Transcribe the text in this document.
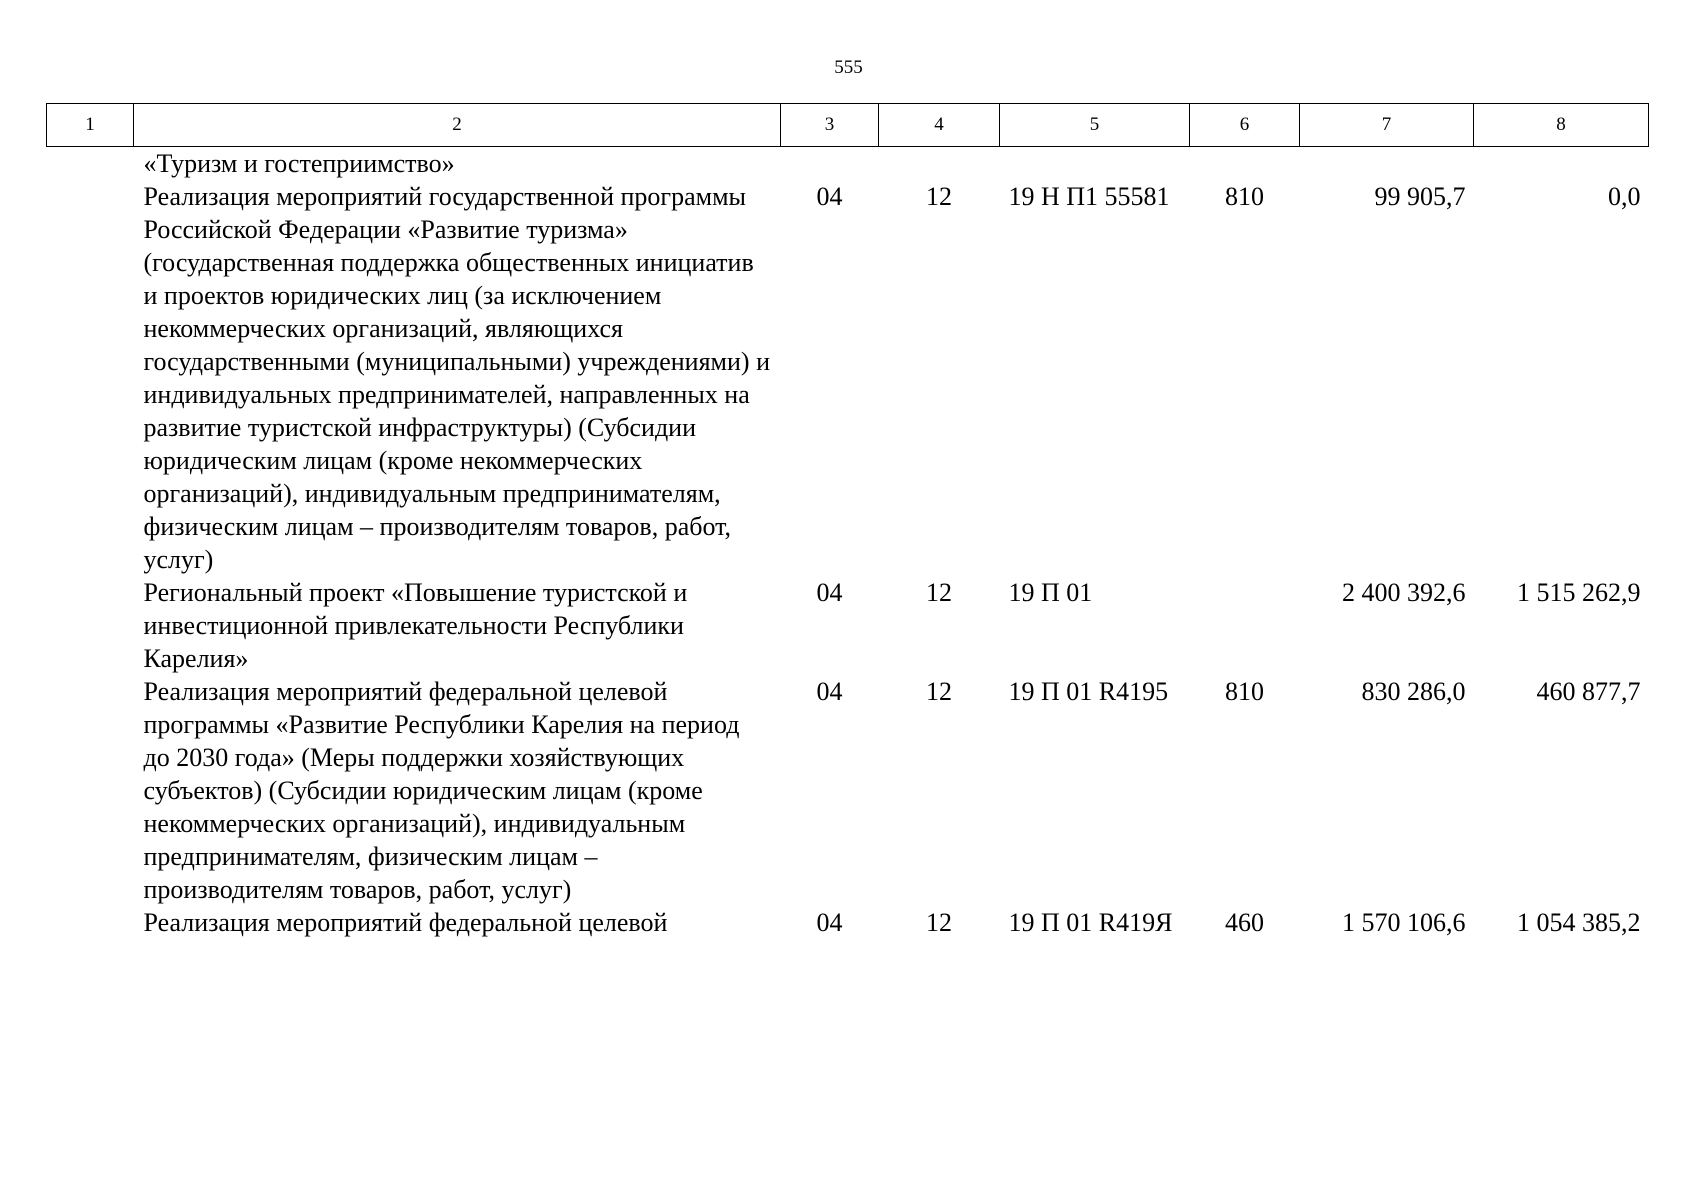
555
1	2	3	4	5	6	7	8
	«Туризм и гостеприимство»						
	Реализация мероприятий государственной программы Российской Федерации «Развитие туризма» (государственная поддержка общественных инициатив и проектов юридических лиц (за исключением некоммерческих организаций, являющихся государственными (муниципальными) учреждениями) и индивидуальных предпринимателей, направленных на развитие туристской инфраструктуры) (Субсидии юридическим лицам (кроме некоммерческих организаций), индивидуальным предпринимателям, физическим лицам – производителям товаров, работ, услуг)	04	12	19 Н П1 55581	810	99 905,7	0,0
	Региональный проект «Повышение туристской и инвестиционной привлекательности Республики Карелия»	04	12	19 П 01		2 400 392,6	1 515 262,9
	Реализация мероприятий федеральной целевой программы «Развитие Республики Карелия на период до 2030 года» (Меры поддержки хозяйствующих субъектов) (Субсидии юридическим лицам (кроме некоммерческих организаций), индивидуальным предпринимателям, физическим лицам – производителям товаров, работ, услуг)	04	12	19 П 01 R4195	810	830 286,0	460 877,7
	Реализация мероприятий федеральной целевой	04	12	19 П 01 R419Я	460	1 570 106,6	1 054 385,2
